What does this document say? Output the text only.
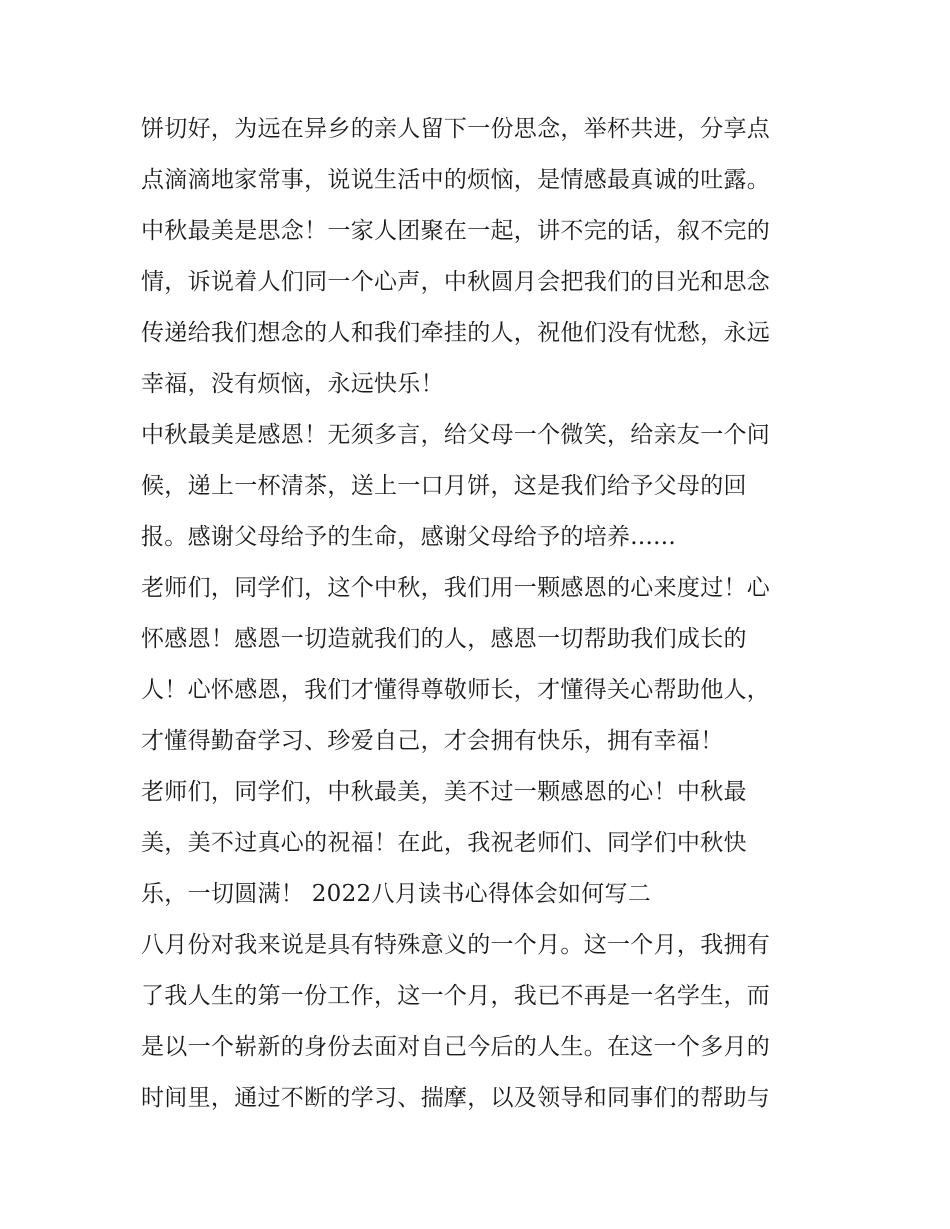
饼切好，为远在异乡的亲人留下一份思念，举杯共进，分享点
点滴滴地家常事，说说生活中的烦恼，是情感最真诚的吐露。
中秋最美是思念！一家人团聚在一起，讲不完的话，叙不完的
情，诉说着人们同一个心声，中秋圆月会把我们的目光和思念
传递给我们想念的人和我们牵挂的人，祝他们没有忧愁，永远
幸福，没有烦恼，永远快乐！
中秋最美是感恩！无须多言，给父母一个微笑，给亲友一个问
候，递上一杯清茶，送上一口月饼，这是我们给予父母的回
报。感谢父母给予的生命，感谢父母给予的培养......
老师们，同学们，这个中秋，我们用一颗感恩的心来度过！心
怀感恩！感恩一切造就我们的人，感恩一切帮助我们成长的
人！心怀感恩，我们才懂得尊敬师长，才懂得关心帮助他人，
才懂得勤奋学习、珍爱自己，才会拥有快乐，拥有幸福！
老师们，同学们，中秋最美，美不过一颗感恩的心！中秋最
美，美不过真心的祝福！在此，我祝老师们、同学们中秋快
乐，一切圆满！ 2022八月读书心得体会如何写二
八月份对我来说是具有特殊意义的一个月。这一个月，我拥有
了我人生的第一份工作，这一个月，我已不再是一名学生，而
是以一个崭新的身份去面对自己今后的人生。在这一个多月的
时间里，通过不断的学习、揣摩，以及领导和同事们的帮助与
